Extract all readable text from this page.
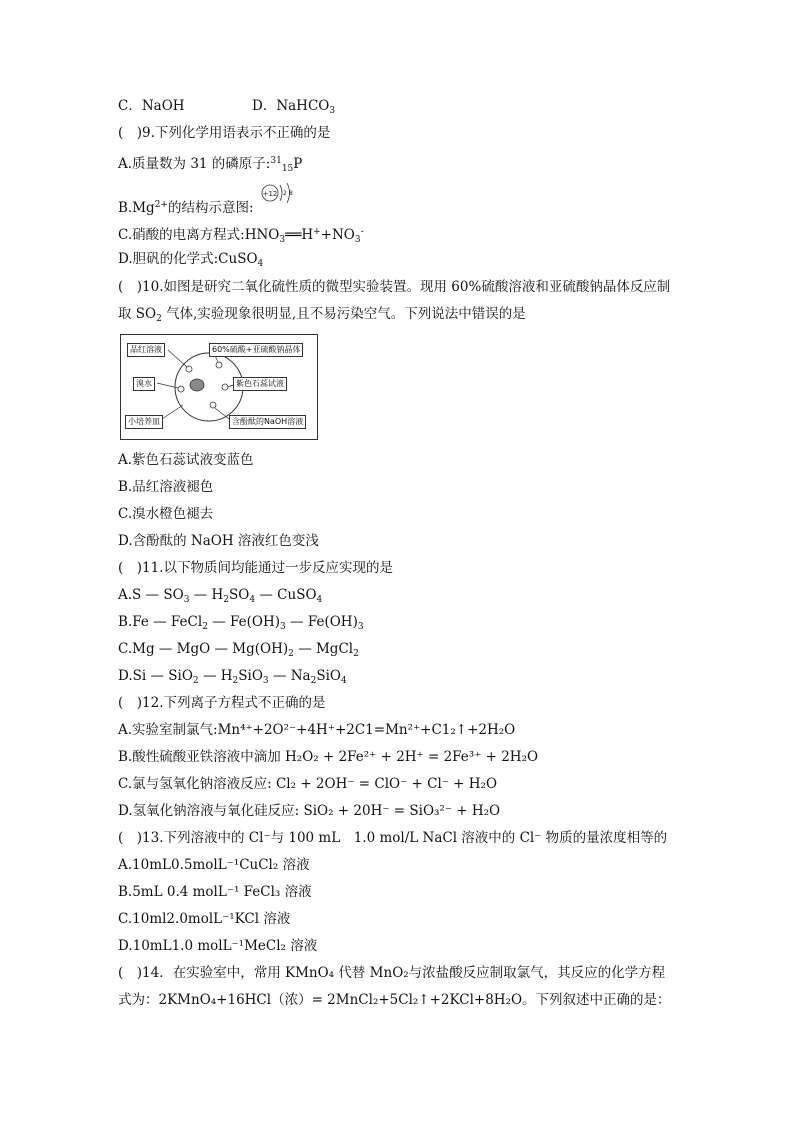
C．NaOH	D．NaHCO$_3$
(　)9.下列化学用语表示不正确的是
A.质量数为 31 的磷原子:$^{31}_{15}$P
$B.Mg^{2+}$的结构示意图:
+12 2 8
C.硝酸的电离方程式$:HNO_3══H^++NO_3^-$
D.胆矾的化学式:CuSO$_4$
(　)10.如图是研究二氧化硫性质的微型实验装置。现用 60%硫酸溶液和亚硫酸钠晶体反应制
取 $SO_2$ 气体,实验现象很明显,且不易污染空气。下列说法中错误的是
品红溶液	60%硫酸+亚硫酸钠晶体
溴水	紫色石蕊试液
小培养皿	含酚酞的NaOH溶液
A.紫色石蕊试液变蓝色
B.品红溶液褪色
C.溴水橙色褪去
D.含酚酞的 NaOH 溶液红色变浅
(　)11.以下物质间均能通过一步反应实现的是
A.S — $SO_3$ — $H_2SO_4$ — CuSO$_4$
B.Fe — FeCl$_2$ — $Fe(OH)_3$ — $Fe(OH)_3$
C.Mg — MgO — $Mg(OH)_2$ — MgCl$_2$
D.Si — SiO$_2$ — $H_2SiO_3$ — $Na_2SiO_4$
(　)12.下列离子方程式不正确的是
A.实验室制氯气:Mn⁴⁺+2O²⁻+4H⁺+2C1=Mn²⁺+C1₂↑+2H₂O
B.酸性硫酸亚铁溶液中滴加 H₂O₂ + 2Fe²⁺ + 2H⁺ = 2Fe³⁺ + 2H₂O
C.氯与氢氧化钠溶液反应: Cl₂ + 2OH⁻ = ClO⁻ + Cl⁻ + H₂O
D.氢氧化钠溶液与氧化硅反应: SiO₂ + 20H⁻ = SiO₃²⁻ + H₂O
(　)13.下列溶液中的 Cl⁻与 100 mL　1.0 mol/L NaCl 溶液中的 Cl⁻ 物质的量浓度相等的
A.10mL0.5molL⁻¹CuCl₂ 溶液
B.5mL 0.4 molL⁻¹ FeCl₃ 溶液
C.10ml2.0molL⁻¹KCl 溶液
D.10mL1.0 molL⁻¹MeCl₂ 溶液
(　)14．在实验室中，常用 KMnO₄ 代替 MnO₂与浓盐酸反应制取氯气，其反应的化学方程
式为：2KMnO₄+16HCl（浓）= 2MnCl₂+5Cl₂↑+2KCl+8H₂O。下列叙述中正确的是：
